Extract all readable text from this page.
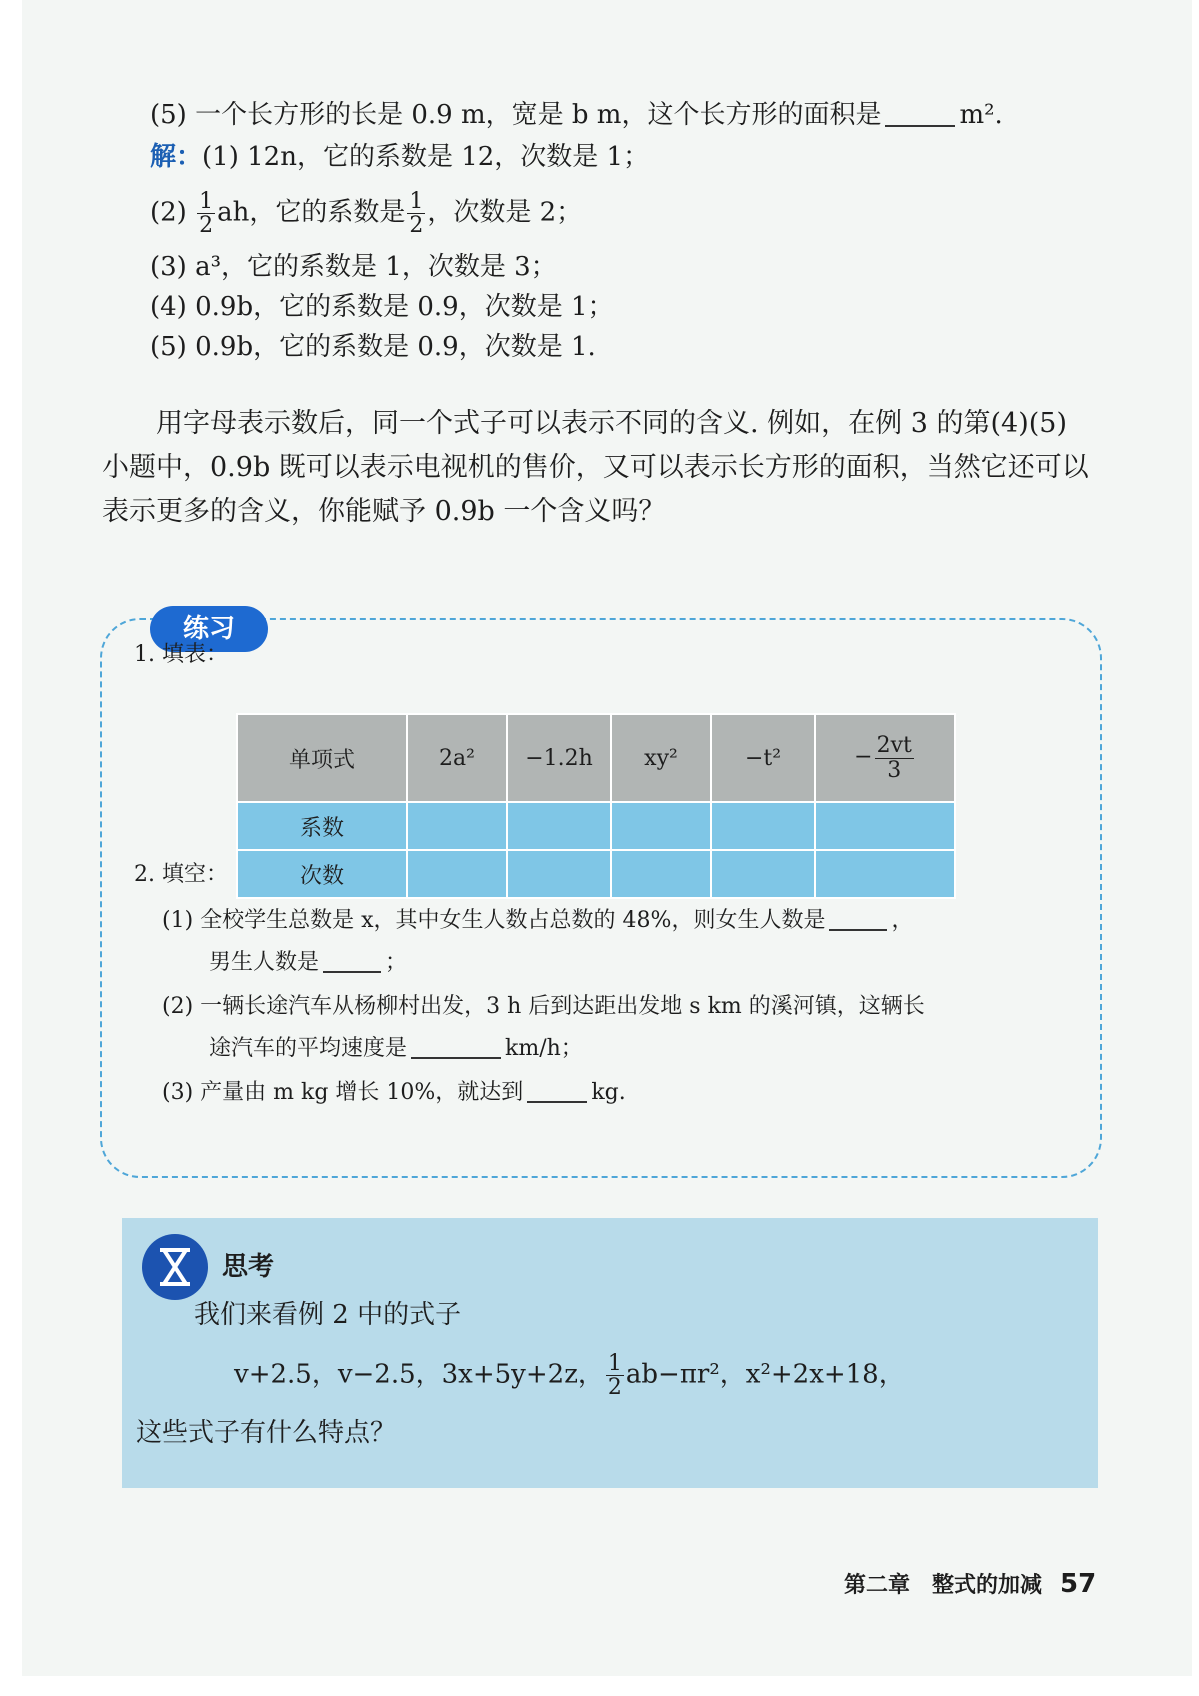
(5) 一个长方形的长是 0.9 m，宽是 b m，这个长方形的面积是	m².
解：(1) 12n，它的系数是 12，次数是 1；
$(2) \frac{1}{2}$ ah，它的系数是 $\frac{1}{2}$ ，次数是 2；
(3) a³，它的系数是 1，次数是 3；
(4) 0.9b，它的系数是 0.9，次数是 1；
(5) 0.9b，它的系数是 0.9，次数是 1.
用字母表示数后，同一个式子可以表示不同的含义. 例如，在例 3 的第(4)(5)小题中，0.9b 既可以表示电视机的售价，又可以表示长方形的面积，当然它还可以表示更多的含义，你能赋予 0.9b 一个含义吗？
练习
1. 填表：
单项式	2a²	−1.2h	xy²	−t²	− $\frac{2vt}{3}$

系数					
次数					
2. 填空：
(1) 全校学生总数是 x，其中女生人数占总数的 48%，则女生人数是	，
男生人数是	；
(2) 一辆长途汽车从杨柳村出发，3 h 后到达距出发地 s km 的溪河镇，这辆长
途汽车的平均速度是	km/h；
(3) 产量由 m kg 增长 10%，就达到	kg.
思考
我们来看例 2 中的式子
v+2.5，v−2.5，3x+5y+2z， $\frac{1}{2} ab-\pi r^2$，x²+2x+18，
这些式子有什么特点？
第二章　整式的加减 57
